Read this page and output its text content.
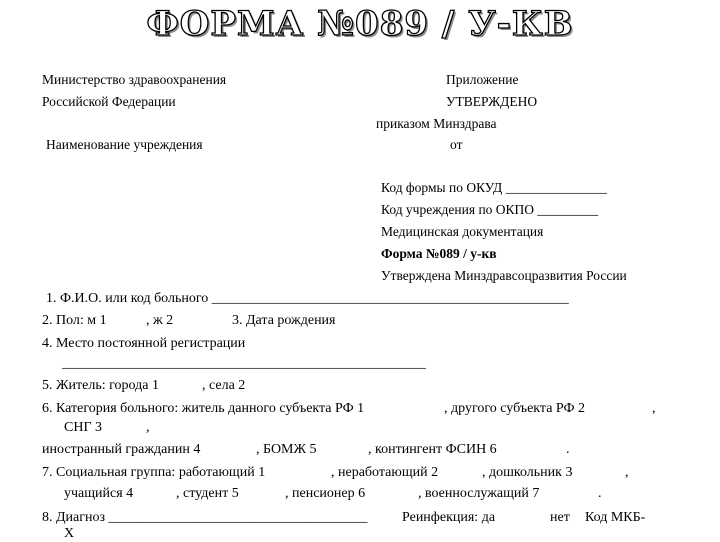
ФОРМА №089 / У-КВ
Министерство здравоохранения
Российской Федерации
Наименование учреждения
Приложение
УТВЕРЖДЕНО
приказом Минздрава
от
Код формы по ОКУД _______________
Код учреждения по ОКПО _________
Медицинская документация
Форма №089 / у-кв
Утверждена Минздравсоцразвития России
1. Ф.И.О. или код больного ___________________________________________________
2. Пол: м 1	, ж 2	3. Дата рождения
4. Место постоянной регистрации
____________________________________________________
5. Житель: города 1	, села 2
6. Категория больного: житель данного субъекта РФ 1	, другого субъекта РФ 2	,
СНГ 3	,
иностранный гражданин 4	, БОМЖ 5	, контингент ФСИН 6	.
7. Социальная группа: работающий 1	, неработающий 2	, дошкольник 3	,
учащийся 4	, студент 5	, пенсионер 6	, военнослужащий 7	.
8. Диагноз _____________________________________ Реинфекция: да	нет Код МКБ-
Х
